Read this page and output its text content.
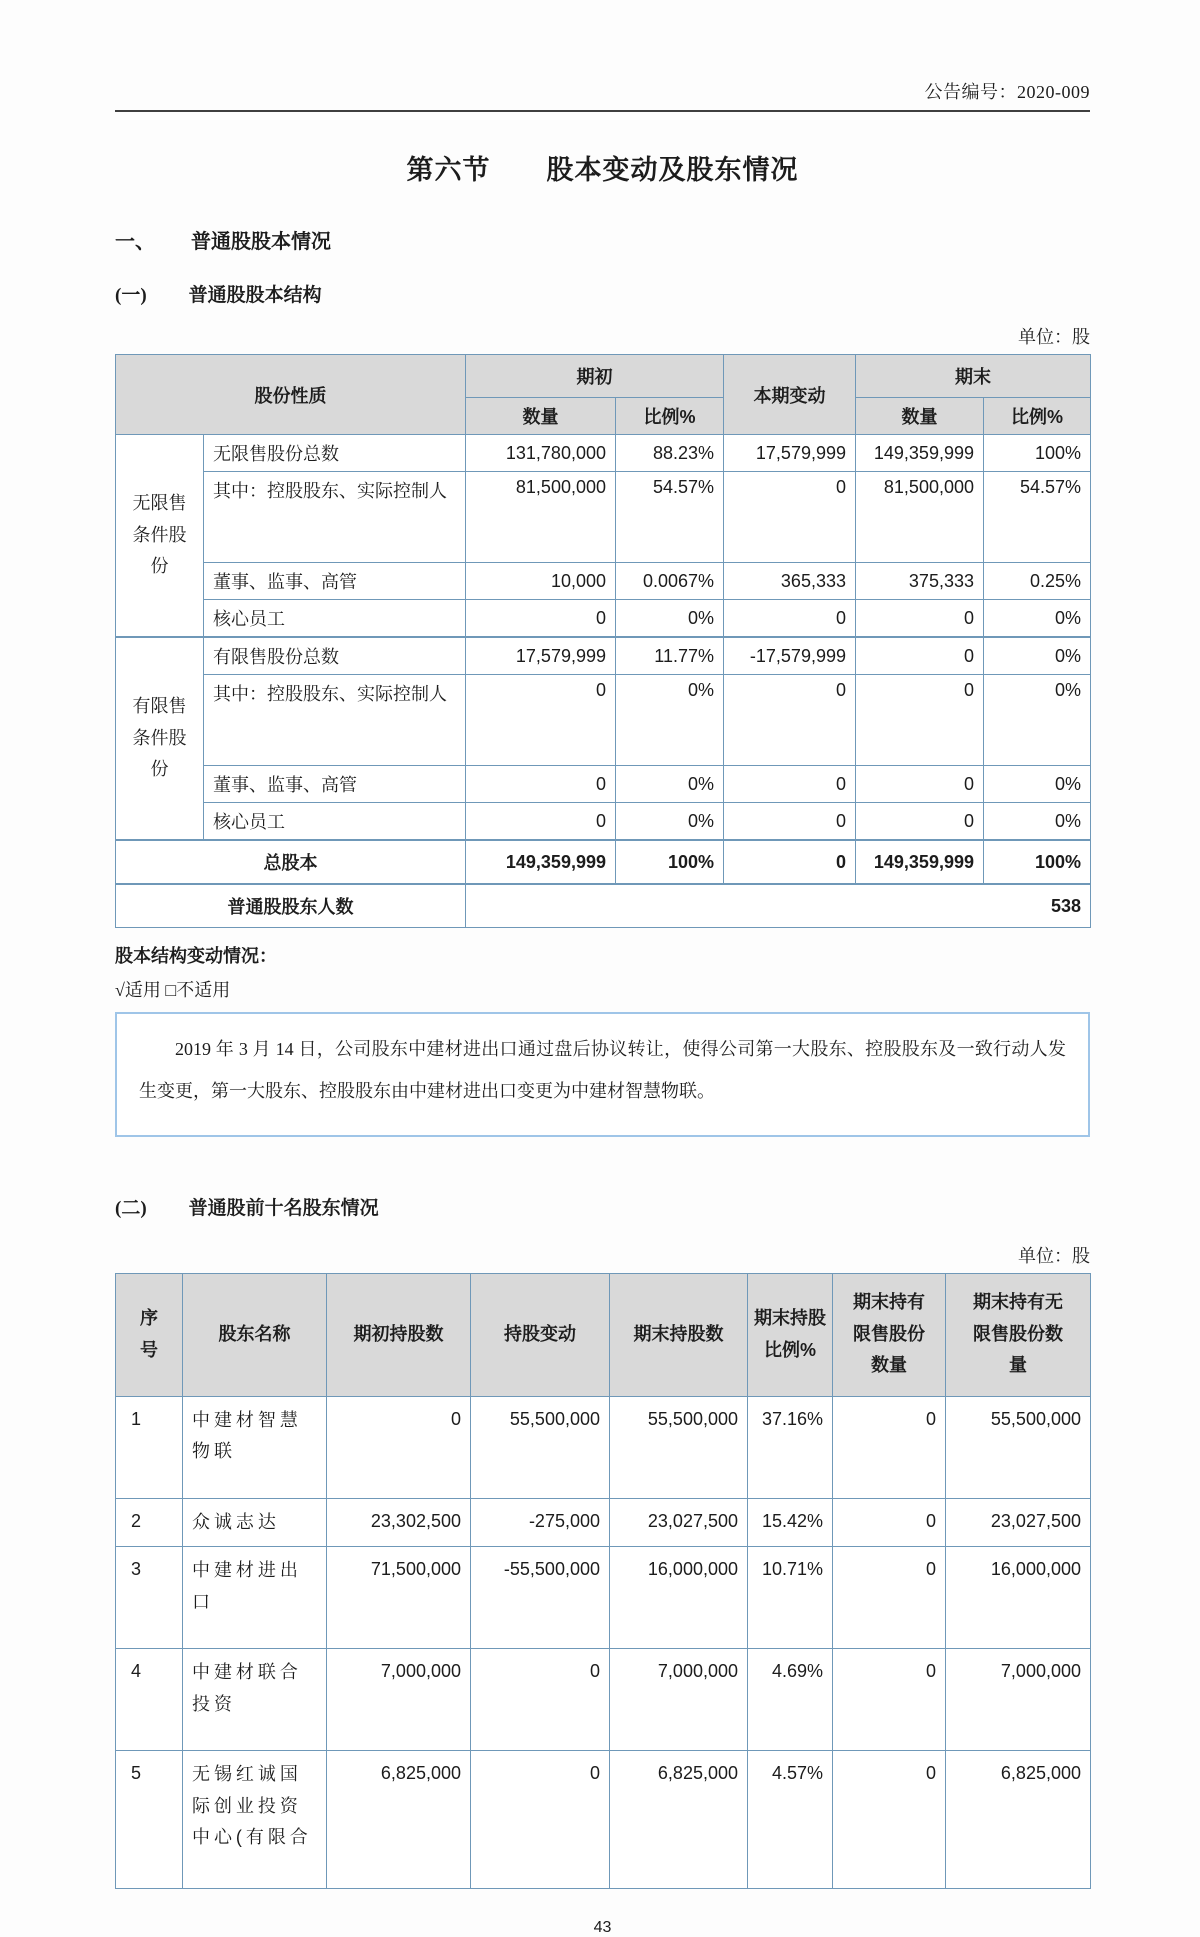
公告编号：2020-009
第六节　　股本变动及股东情况
一、 普通股股本情况
(一) 普通股股本结构
单位：股
股份性质		期初		本期变动	期末	
		数量	比例%		数量	比例%
无限售条件股份	无限售股份总数	131,780,000	88.23%	17,579,999	149,359,999	100%
	其中：控股股东、实际控制人	81,500,000	54.57%	0	81,500,000	54.57%
	董事、监事、高管	10,000	0.0067%	365,333	375,333	0.25%
	核心员工	0	0%	0	0	0%
有限售条件股份	有限售股份总数	17,579,999	11.77%	-17,579,999	0	0%
	其中：控股股东、实际控制人	0	0%	0	0	0%
	董事、监事、高管	0	0%	0	0	0%
	核心员工	0	0%	0	0	0%
总股本		149,359,999	100%	0	149,359,999	100%
普通股股东人数		538				
股本结构变动情况：
√适用 □不适用
2019 年 3 月 14 日，公司股东中建材进出口通过盘后协议转让，使得公司第一大股东、控股股东及一致行动人发生变更，第一大股东、控股股东由中建材进出口变更为中建材智慧物联。
(二) 普通股前十名股东情况
单位：股
序号	股东名称	期初持股数	持股变动	期末持股数	期末持股比例%	期末持有限售股份数量	期末持有无限售股份数量
1	中建材智慧物联	0	55,500,000	55,500,000	37.16%	0	55,500,000
2	众诚志达	23,302,500	-275,000	23,027,500	15.42%	0	23,027,500
3	中建材进出口	71,500,000	-55,500,000	16,000,000	10.71%	0	16,000,000
4	中建材联合投资	7,000,000	0	7,000,000	4.69%	0	7,000,000
5	无锡红诚国际创业投资中心(有限合	6,825,000	0	6,825,000	4.57%	0	6,825,000
43
